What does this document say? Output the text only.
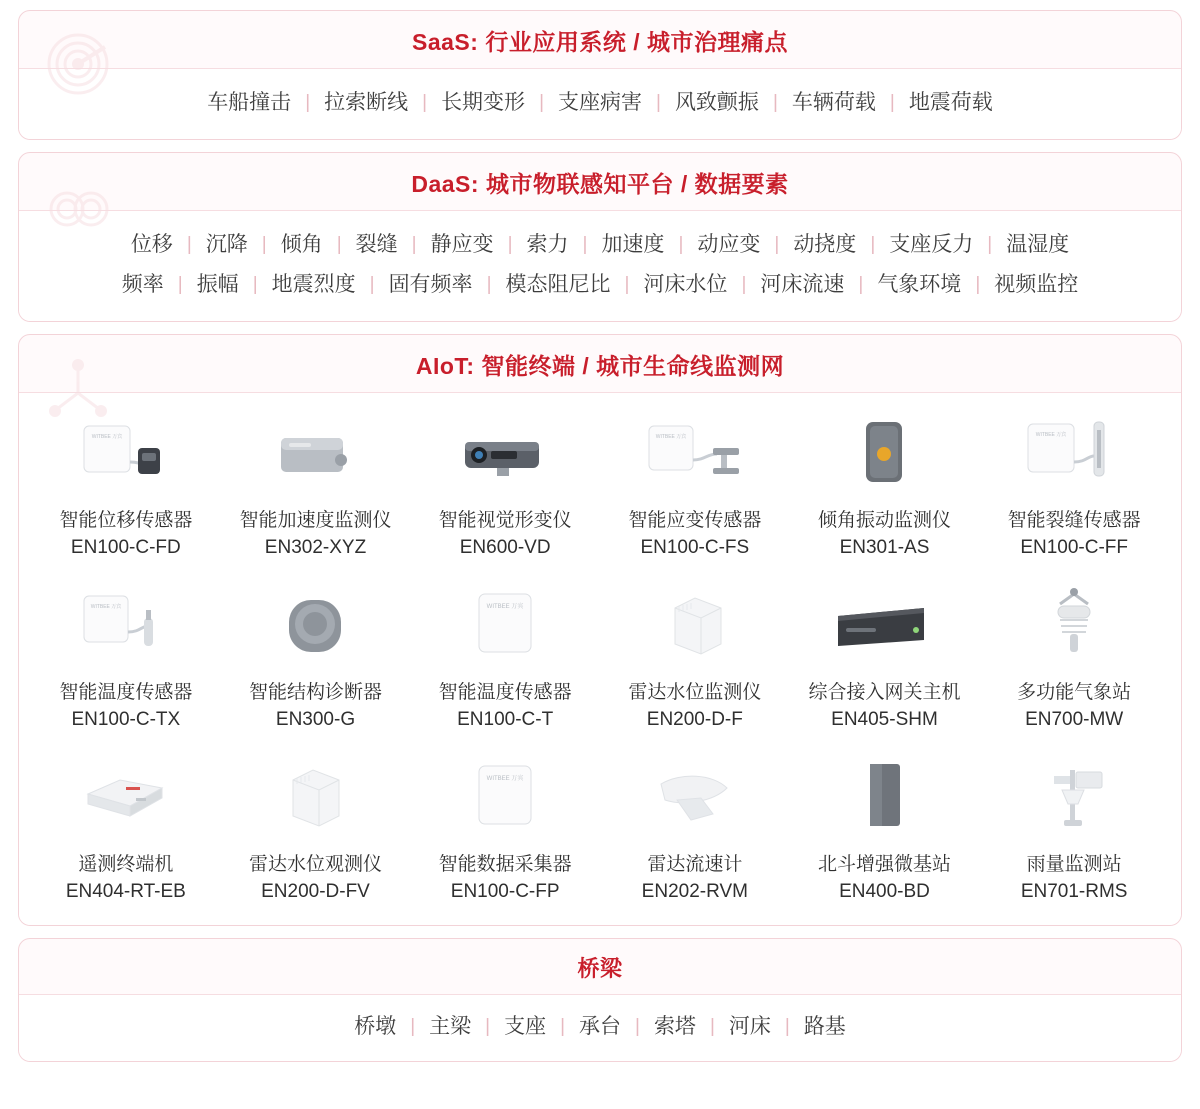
SaaS: 行业应用系统 / 城市治理痛点
车船撞击 | 拉索断线 | 长期变形 | 支座病害 | 风致颤振 | 车辆荷载 | 地震荷载
DaaS: 城市物联感知平台 / 数据要素
位移 | 沉降 | 倾角 | 裂缝 | 静应变 | 索力 | 加速度 | 动应变 | 动挠度 | 支座反力 | 温湿度
频率 | 振幅 | 地震烈度 | 固有频率 | 模态阻尼比 | 河床水位 | 河床流速 | 气象环境 | 视频监控
AIoT: 智能终端 / 城市生命线监测网
WITBEE 万宾
智能位移传感器
EN100-C-FD
智能加速度监测仪
EN302-XYZ
智能视觉形变仪
EN600-VD
WITBEE 万宾
智能应变传感器
EN100-C-FS
倾角振动监测仪
EN301-AS
WITBEE 万宾
智能裂缝传感器
EN100-C-FF
WITBEE 万宾
智能温度传感器
EN100-C-TX
智能结构诊断器
EN300-G
WITBEE 万宾
智能温度传感器
EN100-C-T
雷达水位监测仪
EN200-D-F
综合接入网关主机
EN405-SHM
多功能气象站
EN700-MW
遥测终端机
EN404-RT-EB
雷达水位观测仪
EN200-D-FV
WITBEE 万宾
智能数据采集器
EN100-C-FP
雷达流速计
EN202-RVM
北斗增强微基站
EN400-BD
雨量监测站
EN701-RMS
桥梁
桥墩 | 主梁 | 支座 | 承台 | 索塔 | 河床 | 路基
